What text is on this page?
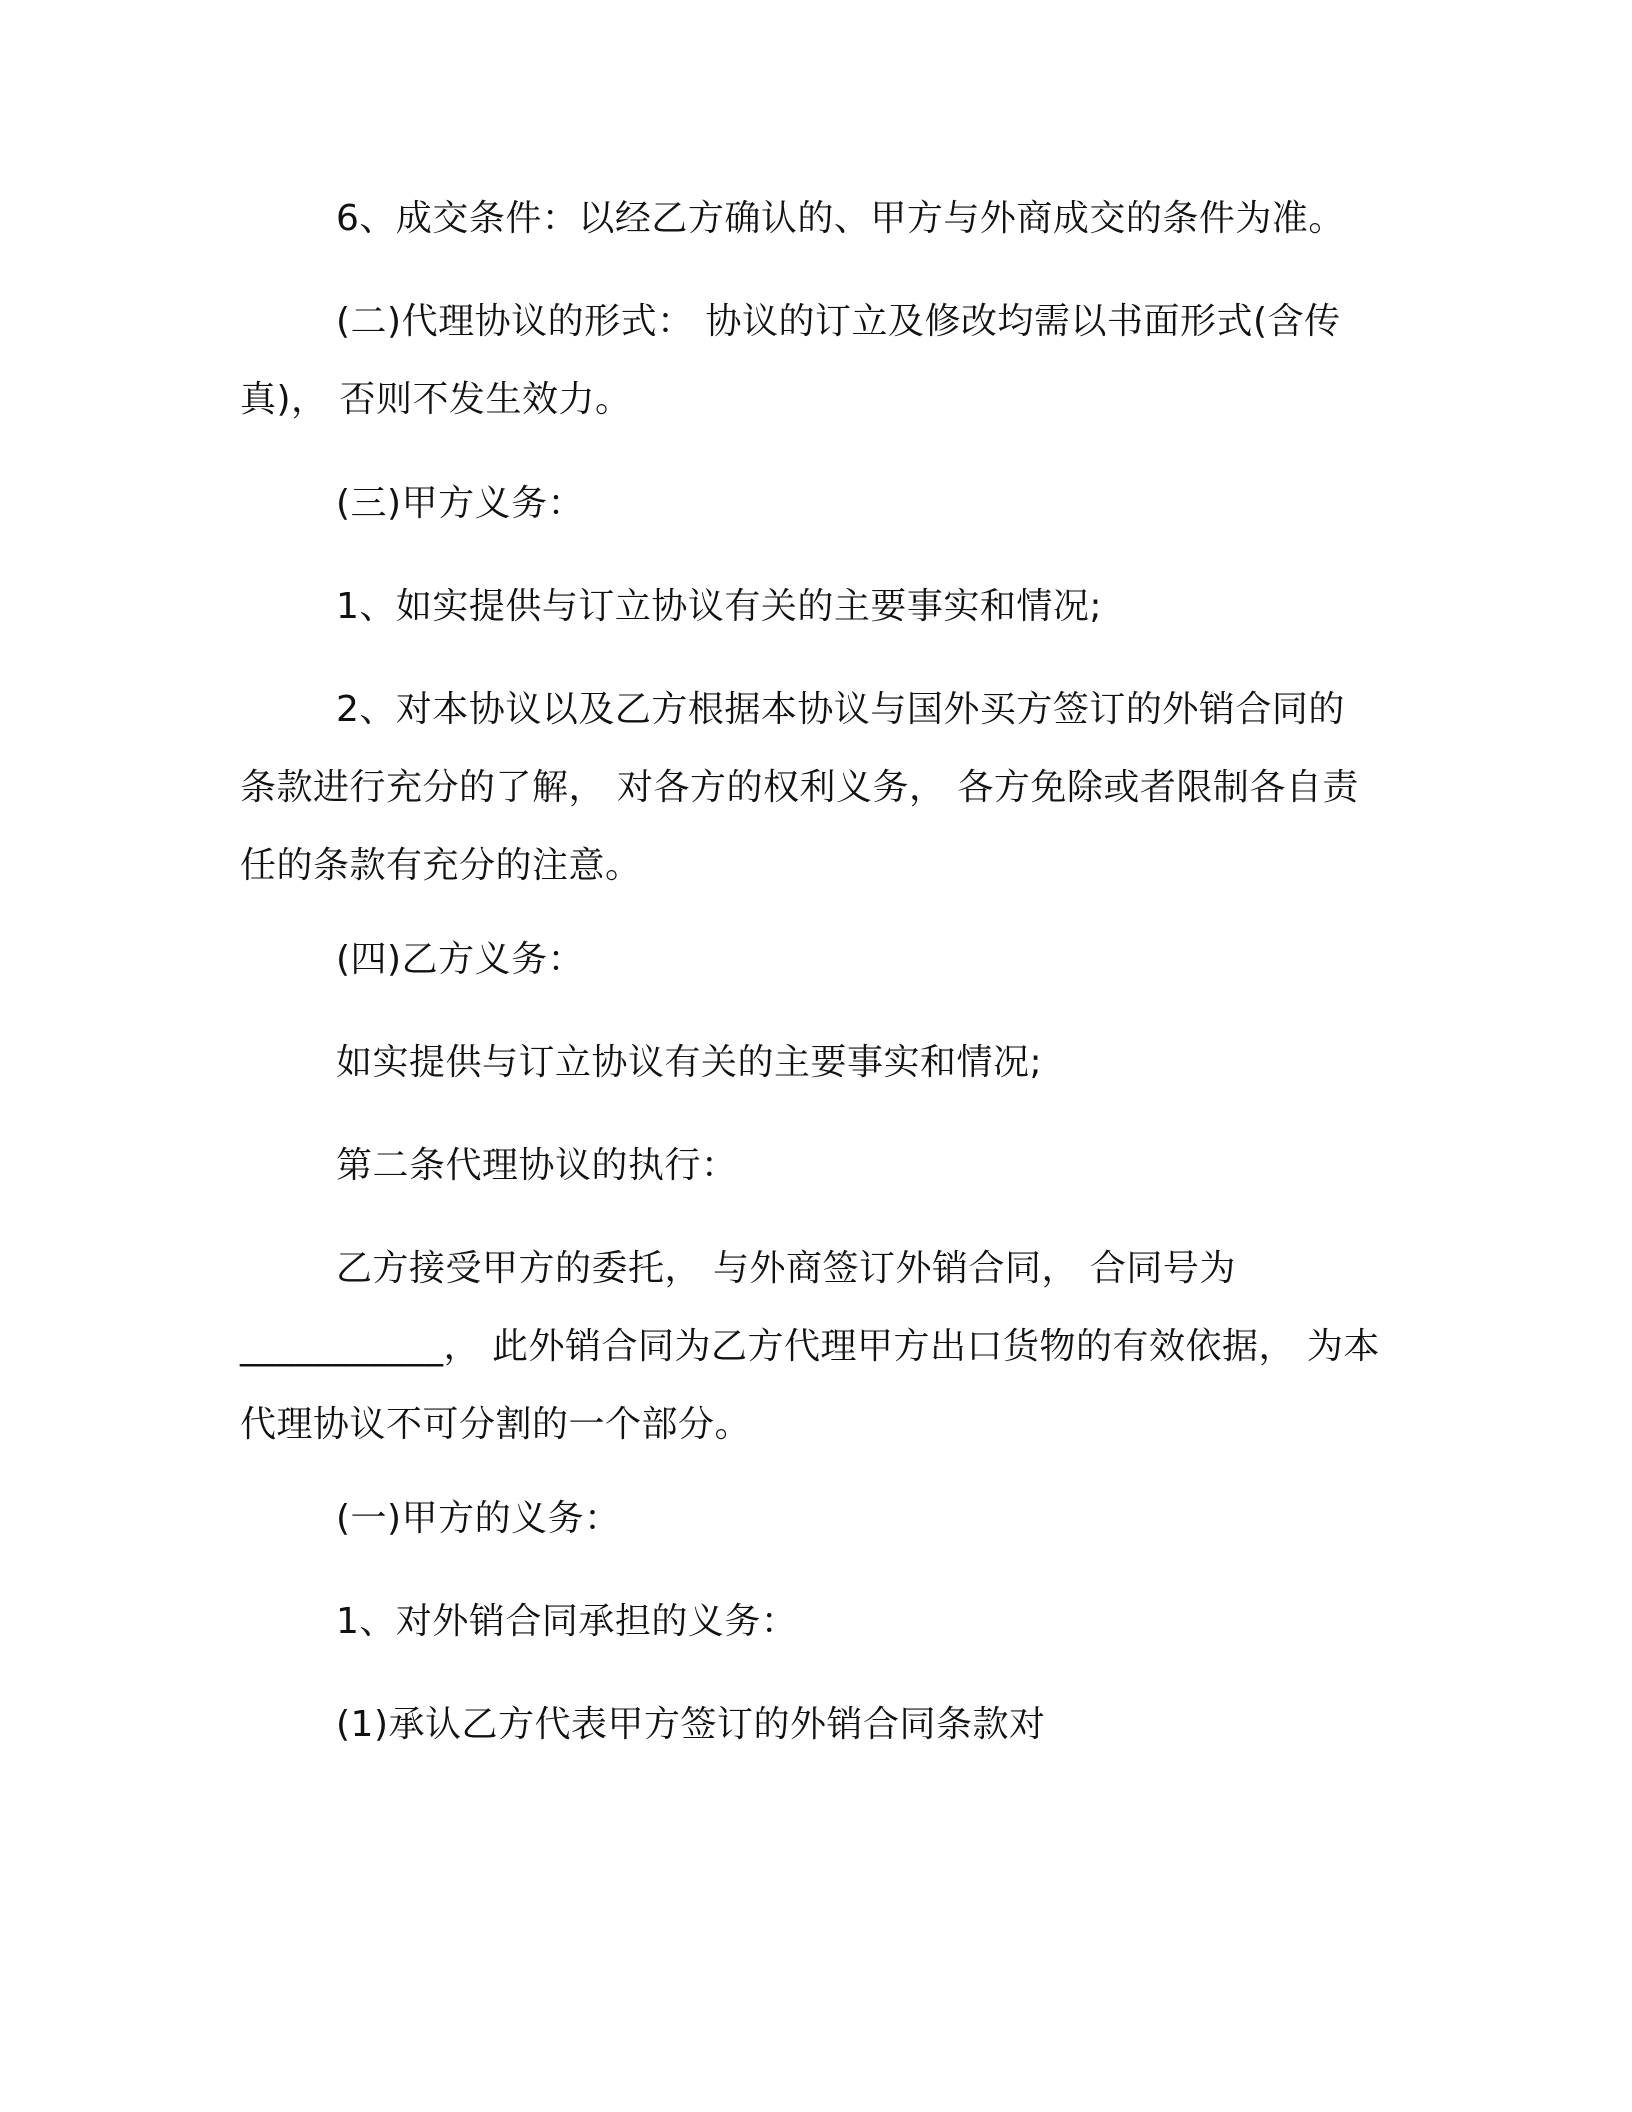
6、成交条件：以经乙方确认的、甲方与外商成交的条件为准。

(二)代理协议的形式： 协议的订立及修改均需以书面形式(含传真)， 否则不发生效力。

(三)甲方义务：

1、如实提供与订立协议有关的主要事实和情况;

2、对本协议以及乙方根据本协议与国外买方签订的外销合同的条款进行充分的了解， 对各方的权利义务， 各方免除或者限制各自责任的条款有充分的注意。

(四)乙方义务：

如实提供与订立协议有关的主要事实和情况;

第二条代理协议的执行：

乙方接受甲方的委托， 与外商签订外销合同， 合同号为___________， 此外销合同为乙方代理甲方出口货物的有效依据， 为本代理协议不可分割的一个部分。

(一)甲方的义务：

1、对外销合同承担的义务：

(1)承认乙方代表甲方签订的外销合同条款对
